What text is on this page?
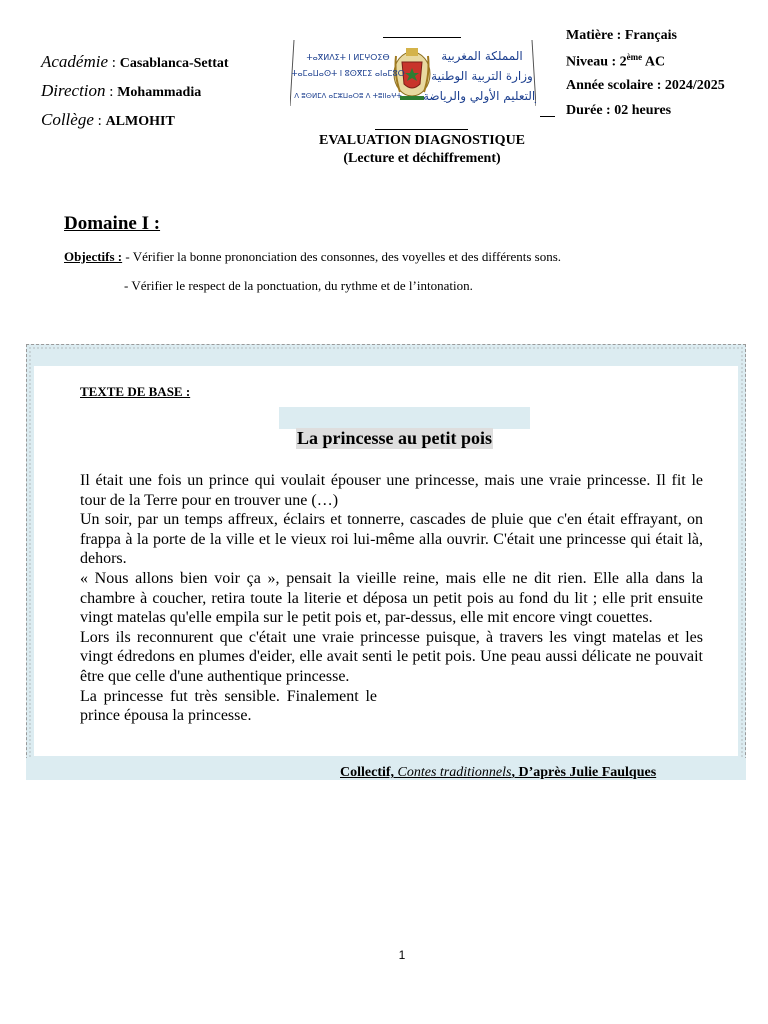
Académie : Casablanca-Settat
Direction : Mohammadia
Collège : ALMOHIT
ⵜⴰⴳⵍⴷⵉⵜ ⵏ ⵍⵎⵖⵔⵉⴱ
ⵜⴰⵎⴰⵡⴰⵙⵜ ⵏ ⵓⵙⴳⵎⵉ ⴰⵏⴰⵎⵓⵔ
ⴷ ⵓⵙⵍⵎⴷ ⴰⵎⵣⵡⴰⵔⵓ ⴷ ⵜⵓⵏⵏⴰⵖⵜ
المملكة المغربية
وزارة التربية الوطنية
والتعليم الأولي والرياضة
Matière : Français
Niveau : 2ème AC
Année scolaire : 2024/2025
Durée : 02 heures
EVALUATION DIAGNOSTIQUE
(Lecture et déchiffrement)
Domaine I :
Objectifs : - Vérifier la bonne prononciation des consonnes, des voyelles et des différents sons.
- Vérifier le respect de la ponctuation, du rythme et de l’intonation.
TEXTE DE BASE :
La princesse au petit pois

Il était une fois un prince qui voulait épouser une princesse, mais une vraie princesse. Il fit le tour de la Terre pour en trouver une (…)

Un soir, par un temps affreux, éclairs et tonnerre, cascades de pluie que c'en était effrayant, on frappa à la porte de la ville et le vieux roi lui-même alla ouvrir. C'était une princesse qui était là, dehors.

« Nous allons bien voir ça », pensait la vieille reine, mais elle ne dit rien. Elle alla dans la chambre à coucher, retira toute la literie et déposa un petit pois au fond du lit ; elle prit ensuite vingt matelas qu'elle empila sur le petit pois et, par-dessus, elle mit encore vingt couettes.

Lors ils reconnurent que c'était une vraie princesse puisque, à travers les vingt matelas et les vingt édredons en plumes d'eider, elle avait senti le petit pois. Une peau aussi délicate ne pouvait être que celle d'une authentique princesse.

La princesse fut très sensible. Finalement le prince épousa la princesse.

Collectif, Contes traditionnels, D’après Julie Faulques
1
